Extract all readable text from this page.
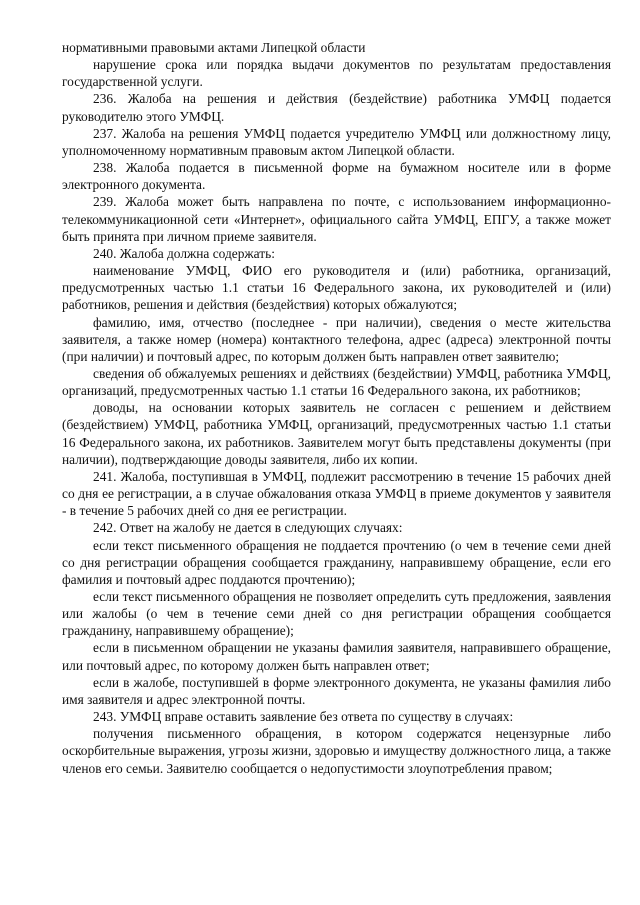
нормативными правовыми актами Липецкой области

нарушение срока или порядка выдачи документов по результатам предоставления государственной услуги.

236. Жалоба на решения и действия (бездействие) работника УМФЦ подается руководителю этого УМФЦ.

237. Жалоба на решения УМФЦ подается учредителю УМФЦ или должностному лицу, уполномоченному нормативным правовым актом Липецкой области.

238. Жалоба подается в письменной форме на бумажном носителе или в форме электронного документа.

239. Жалоба может быть направлена по почте, с использованием информационно-телекоммуникационной сети «Интернет», официального сайта УМФЦ, ЕПГУ, а также может быть принята при личном приеме заявителя.

240. Жалоба должна содержать:

наименование УМФЦ, ФИО его руководителя и (или) работника, организаций, предусмотренных частью 1.1 статьи 16 Федерального закона, их руководителей и (или) работников, решения и действия (бездействия) которых обжалуются;

фамилию, имя, отчество (последнее - при наличии), сведения о месте жительства заявителя, а также номер (номера) контактного телефона, адрес (адреса) электронной почты (при наличии) и почтовый адрес, по которым должен быть направлен ответ заявителю;

сведения об обжалуемых решениях и действиях (бездействии) УМФЦ, работника УМФЦ, организаций, предусмотренных частью 1.1 статьи 16 Федерального закона, их работников;

доводы, на основании которых заявитель не согласен с решением и действием (бездействием) УМФЦ, работника УМФЦ, организаций, предусмотренных частью 1.1 статьи 16 Федерального закона, их работников. Заявителем могут быть представлены документы (при наличии), подтверждающие доводы заявителя, либо их копии.

241. Жалоба, поступившая в УМФЦ, подлежит рассмотрению в течение 15 рабочих дней со дня ее регистрации, а в случае обжалования отказа УМФЦ в приеме документов у заявителя - в течение 5 рабочих дней со дня ее регистрации.

242. Ответ на жалобу не дается в следующих случаях:

если текст письменного обращения не поддается прочтению (о чем в течение семи дней со дня регистрации обращения сообщается гражданину, направившему обращение, если его фамилия и почтовый адрес поддаются прочтению);

если текст письменного обращения не позволяет определить суть предложения, заявления или жалобы (о чем в течение семи дней со дня регистрации обращения сообщается гражданину, направившему обращение);

если в письменном обращении не указаны фамилия заявителя, направившего обращение, или почтовый адрес, по которому должен быть направлен ответ;

если в жалобе, поступившей в форме электронного документа, не указаны фамилия либо имя заявителя и адрес электронной почты.

243. УМФЦ вправе оставить заявление без ответа по существу в случаях:

получения письменного обращения, в котором содержатся нецензурные либо оскорбительные выражения, угрозы жизни, здоровью и имуществу должностного лица, а также членов его семьи. Заявителю сообщается о недопустимости злоупотребления правом;
